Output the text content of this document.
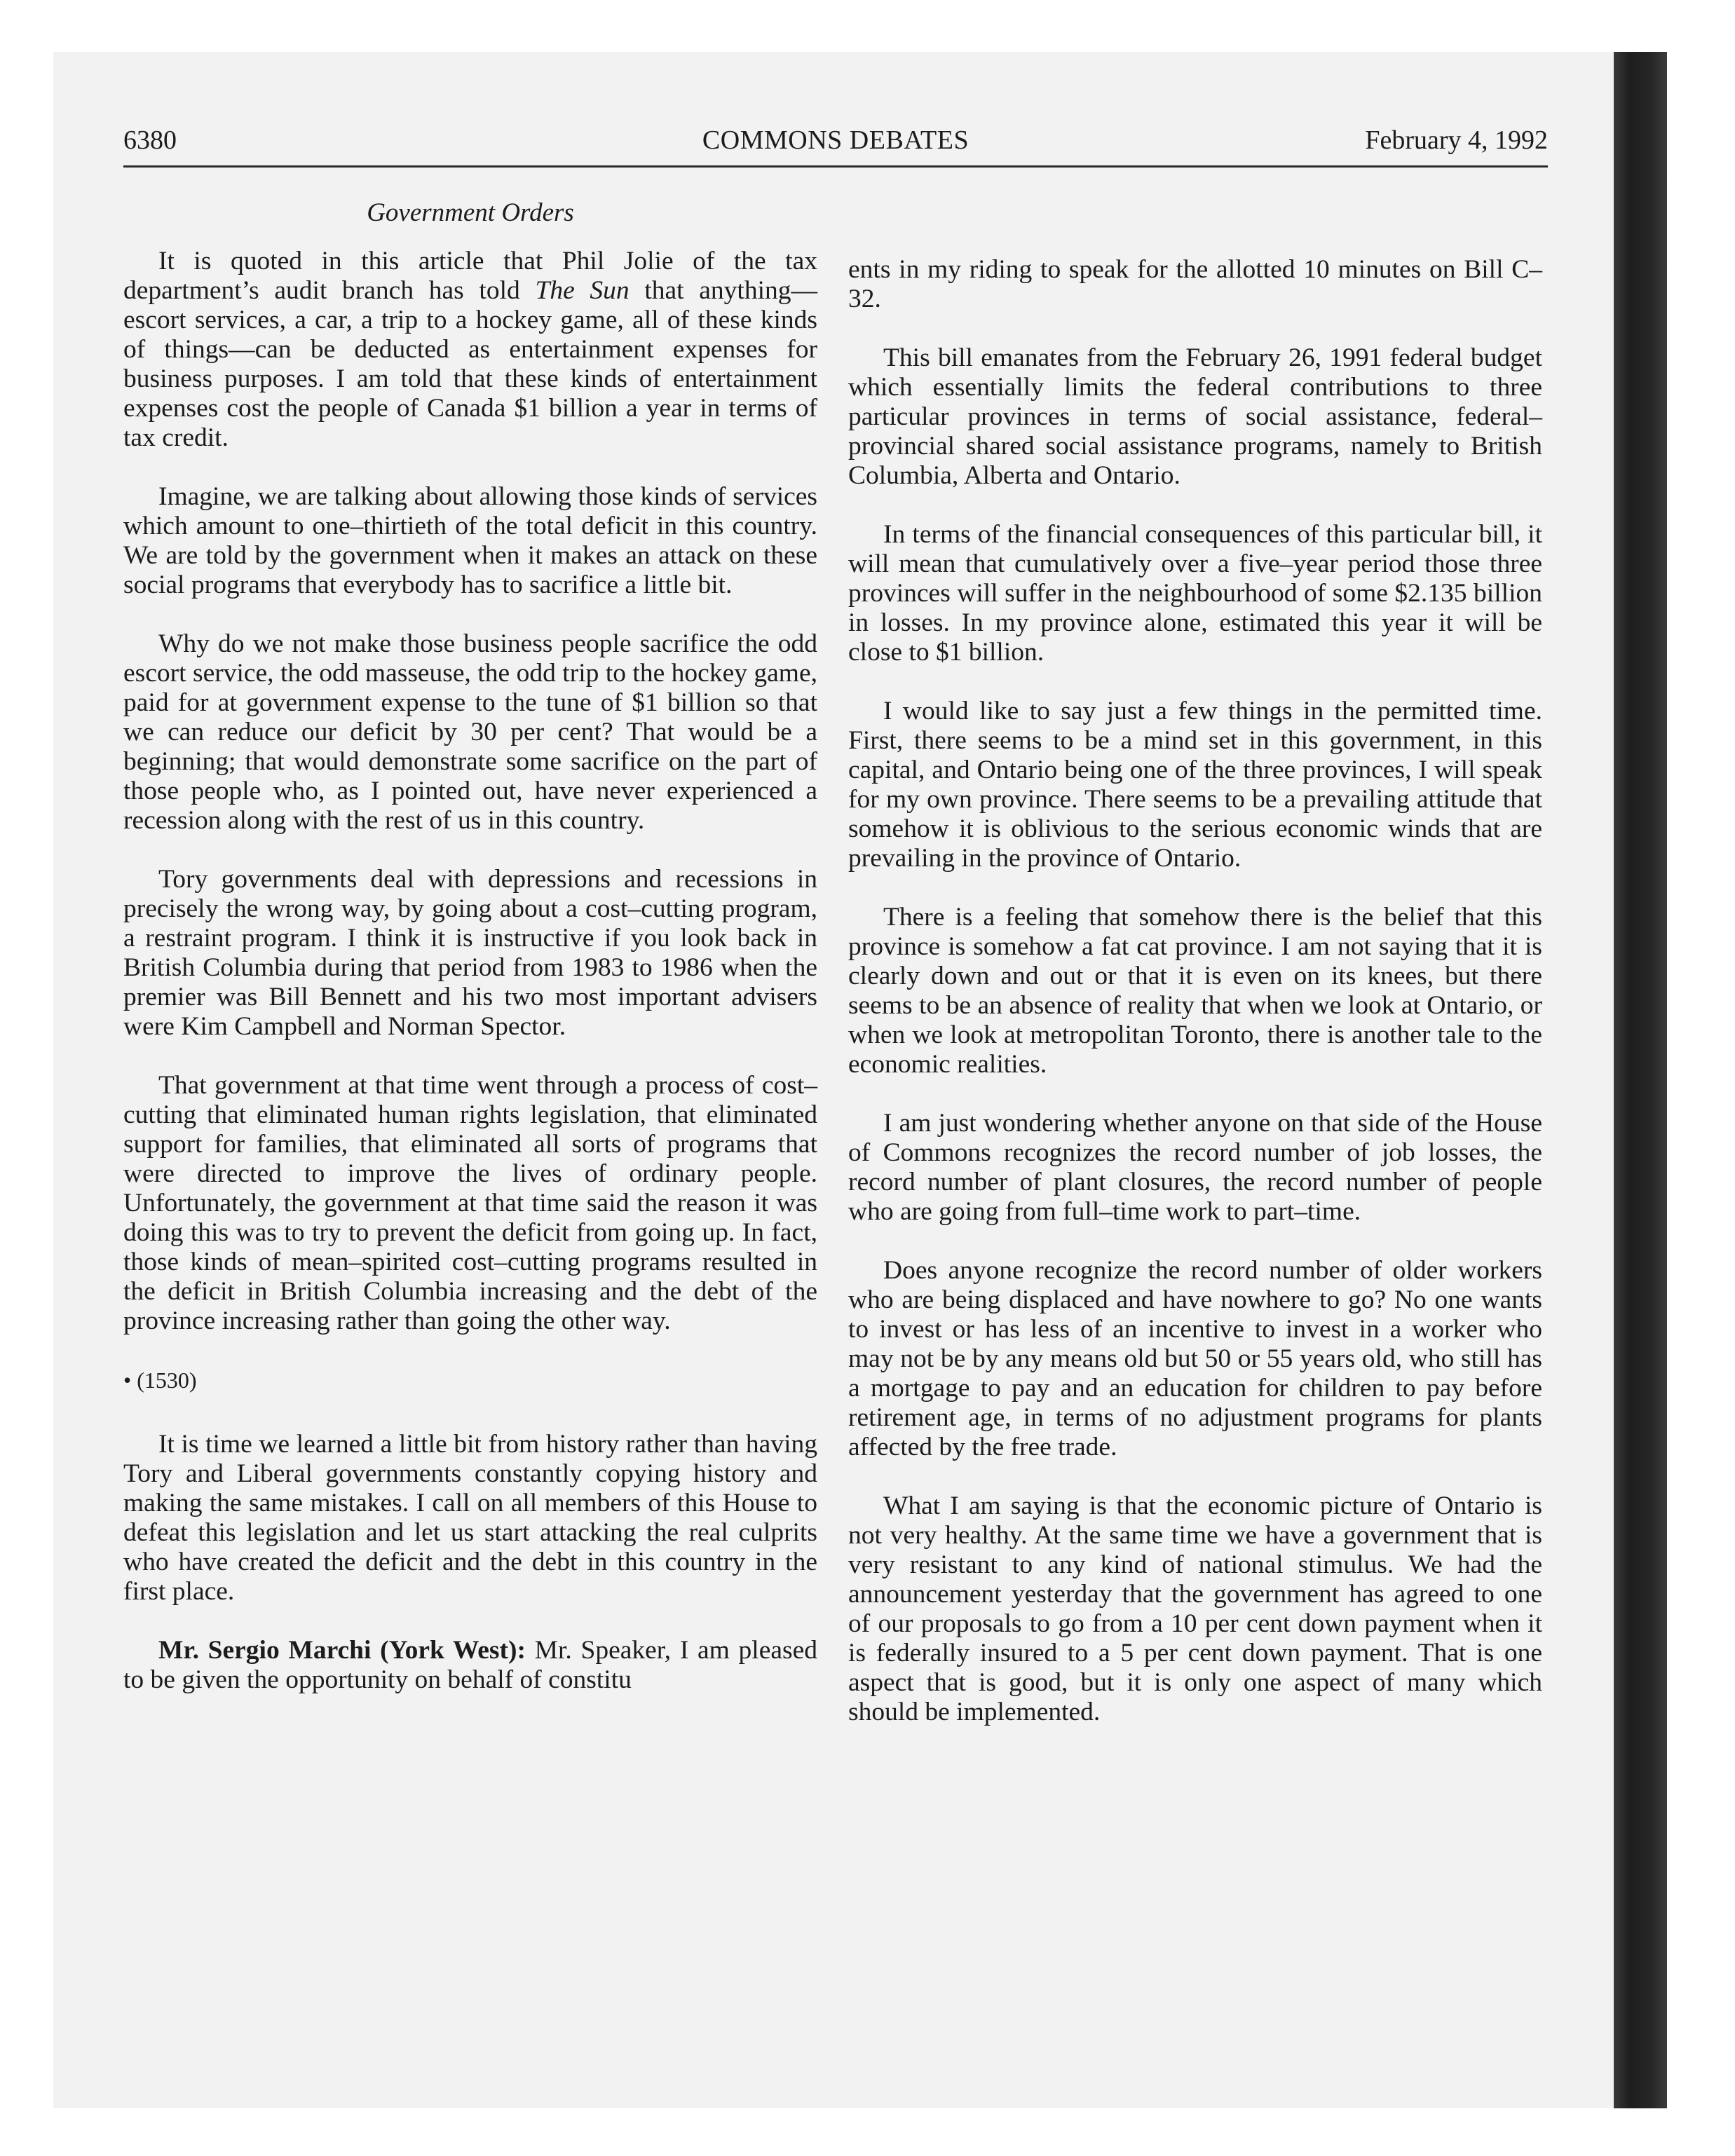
6380	COMMONS DEBATES	February 4, 1992
Government Orders

It is quoted in this article that Phil Jolie of the tax department’s audit branch has told The Sun that anything— escort services, a car, a trip to a hockey game, all of these kinds of things—can be deducted as entertainment expenses for business purposes. I am told that these kinds of entertainment expenses cost the people of Canada $1 billion a year in terms of tax credit.

Imagine, we are talking about allowing those kinds of services which amount to one–thirtieth of the total deficit in this country. We are told by the government when it makes an attack on these social programs that everybody has to sacrifice a little bit.

Why do we not make those business people sacrifice the odd escort service, the odd masseuse, the odd trip to the hockey game, paid for at government expense to the tune of $1 billion so that we can reduce our deficit by 30 per cent? That would be a beginning; that would demonstrate some sacrifice on the part of those people who, as I pointed out, have never experienced a recession along with the rest of us in this country.

Tory governments deal with depressions and recessions in precisely the wrong way, by going about a cost–cutting program, a restraint program. I think it is instructive if you look back in British Columbia during that period from 1983 to 1986 when the premier was Bill Bennett and his two most important advisers were Kim Campbell and Norman Spector.

That government at that time went through a process of cost–cutting that eliminated human rights legislation, that eliminated support for families, that eliminated all sorts of programs that were directed to improve the lives of ordinary people. Unfortunately, the government at that time said the reason it was doing this was to try to prevent the deficit from going up. In fact, those kinds of mean–spirited cost–cutting programs resulted in the deficit in British Columbia increasing and the debt of the province increasing rather than going the other way.

• (1530)

It is time we learned a little bit from history rather than having Tory and Liberal governments constantly copying history and making the same mistakes. I call on all members of this House to defeat this legislation and let us start attacking the real culprits who have created the deficit and the debt in this country in the first place.

Mr. Sergio Marchi (York West): Mr. Speaker, I am pleased to be given the opportunity on behalf of constitu

ents in my riding to speak for the allotted 10 minutes on Bill C–32.

This bill emanates from the February 26, 1991 federal budget which essentially limits the federal contributions to three particular provinces in terms of social assistance, federal–provincial shared social assistance programs, namely to British Columbia, Alberta and Ontario.

In terms of the financial consequences of this particular bill, it will mean that cumulatively over a five–year period those three provinces will suffer in the neighbourhood of some $2.135 billion in losses. In my province alone, estimated this year it will be close to $1 billion.

I would like to say just a few things in the permitted time. First, there seems to be a mind set in this government, in this capital, and Ontario being one of the three provinces, I will speak for my own province. There seems to be a prevailing attitude that somehow it is oblivious to the serious economic winds that are prevailing in the province of Ontario.

There is a feeling that somehow there is the belief that this province is somehow a fat cat province. I am not saying that it is clearly down and out or that it is even on its knees, but there seems to be an absence of reality that when we look at Ontario, or when we look at metropolitan Toronto, there is another tale to the economic realities.

I am just wondering whether anyone on that side of the House of Commons recognizes the record number of job losses, the record number of plant closures, the record number of people who are going from full–time work to part–time.

Does anyone recognize the record number of older workers who are being displaced and have nowhere to go? No one wants to invest or has less of an incentive to invest in a worker who may not be by any means old but 50 or 55 years old, who still has a mortgage to pay and an education for children to pay before retirement age, in terms of no adjustment programs for plants affected by the free trade.

What I am saying is that the economic picture of Ontario is not very healthy. At the same time we have a government that is very resistant to any kind of national stimulus. We had the announcement yesterday that the government has agreed to one of our proposals to go from a 10 per cent down payment when it is federally insured to a 5 per cent down payment. That is one aspect that is good, but it is only one aspect of many which should be implemented.
